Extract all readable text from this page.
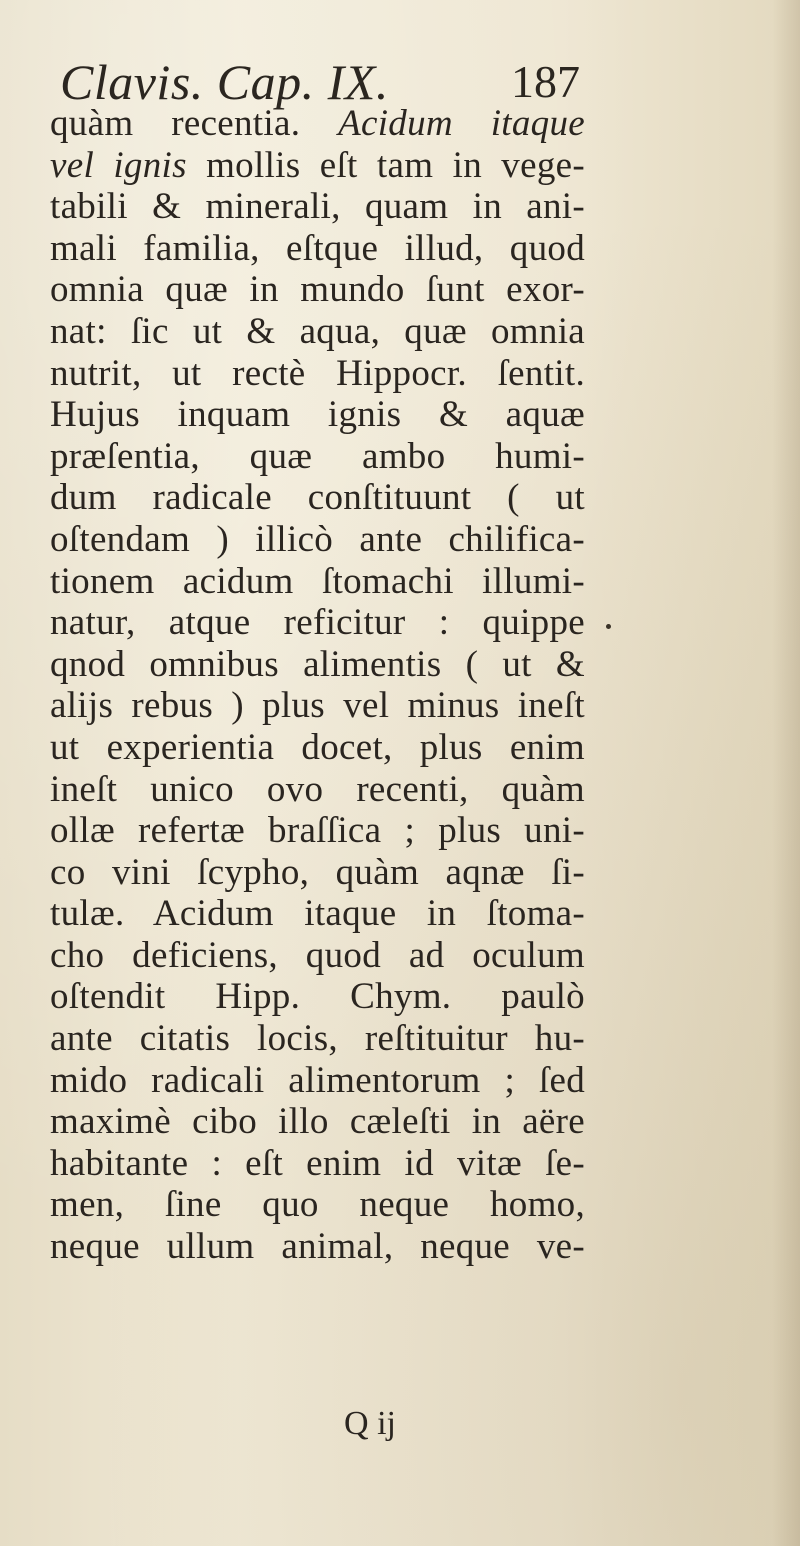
Clavis. Cap. IX.	187
quàm recentia. Acidum itaque
vel ignis mollis eſt tam in vege-
tabili & minerali, quam in ani-
mali familia, eſtque illud, quod
omnia quæ in mundo ſunt exor-
nat: ſic ut & aqua, quæ omnia
nutrit, ut rectè Hippocr. ſentit.
Hujus inquam ignis & aquæ
præſentia, quæ ambo humi-
dum radicale conſtituunt ( ut
oſtendam ) illicò ante chilifica-
tionem acidum ſtomachi illumi-
natur, atque reficitur : quippe
qnod omnibus alimentis ( ut &
alijs rebus ) plus vel minus ineſt
ut experientia docet, plus enim
ineſt unico ovo recenti, quàm
ollæ refertæ braſſica ; plus uni-
co vini ſcypho, quàm aqnæ ſi-
tulæ. Acidum itaque in ſtoma-
cho deficiens, quod ad oculum
oſtendit Hipp. Chym. paulò
ante citatis locis, reſtituitur hu-
mido radicali alimentorum ; ſed
maximè cibo illo cæleſti in aëre
habitante : eſt enim id vitæ ſe-
men, ſine quo neque homo,
neque ullum animal, neque ve-
Q ij
